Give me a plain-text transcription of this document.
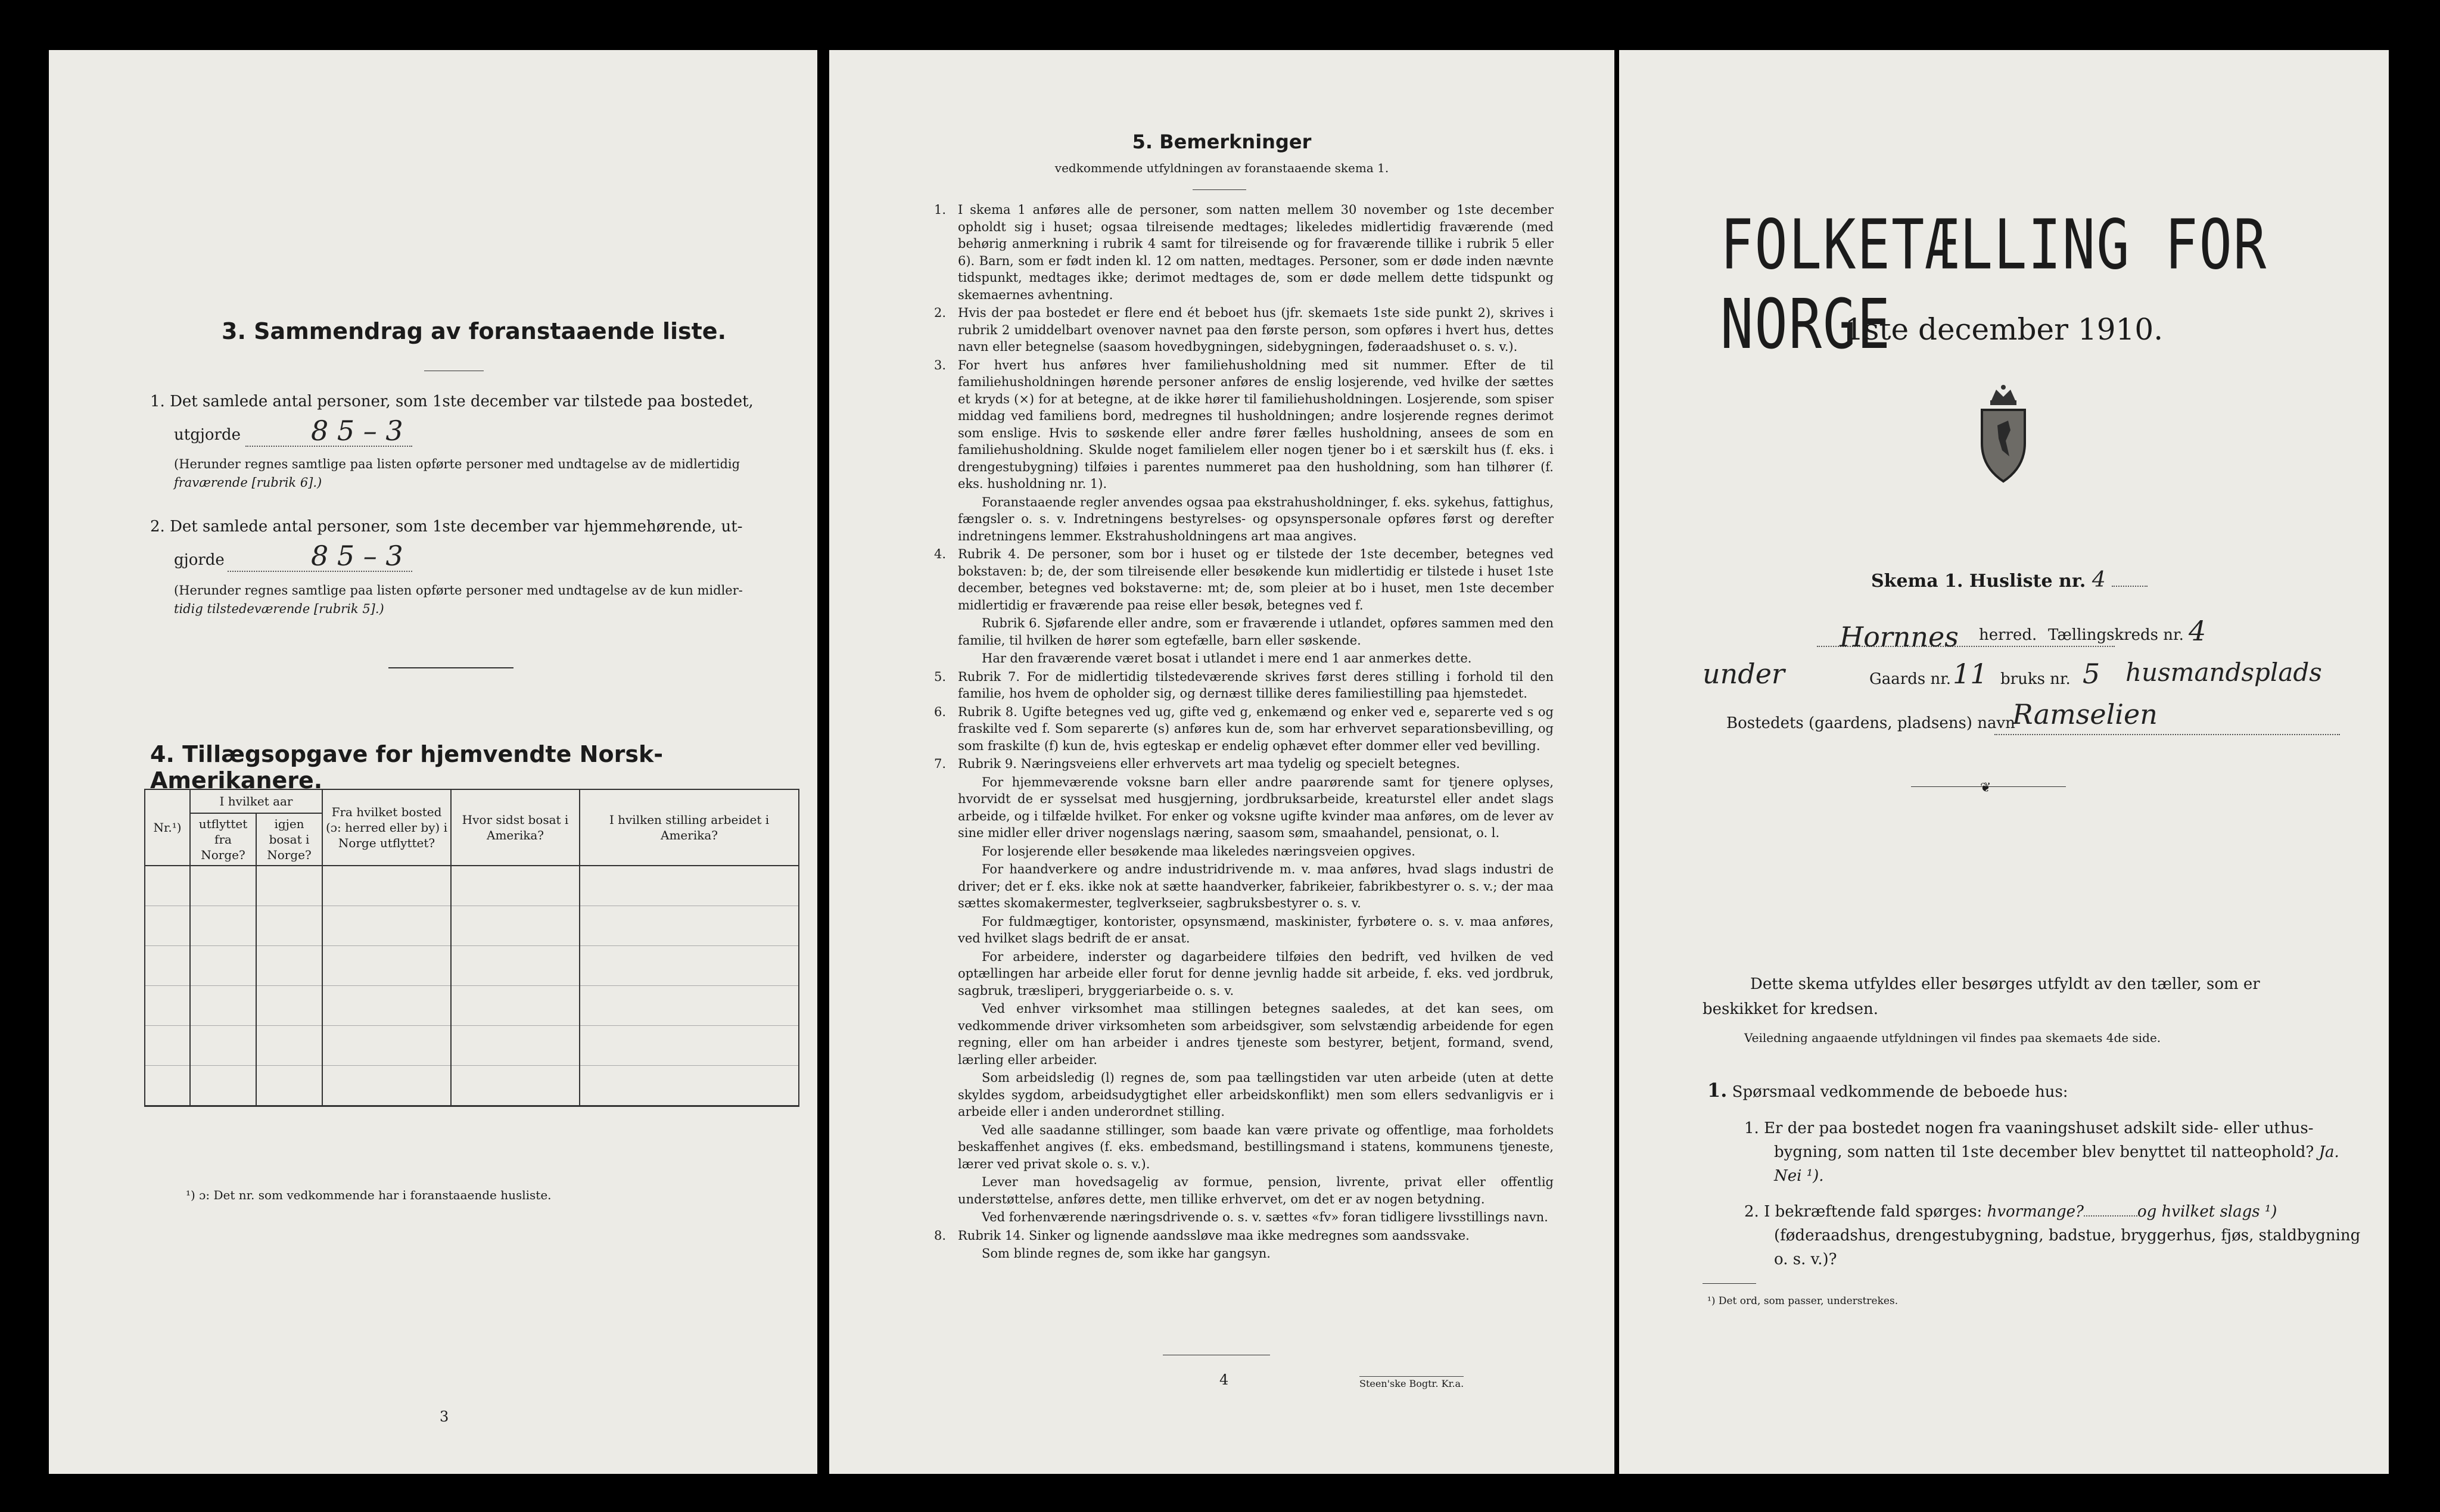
3. Sammendrag av foranstaaende liste.
1. Det samlede antal personer, som 1ste december var tilstede paa bostedet,
utgjorde	8 5 – 3
(Herunder regnes samtlige paa listen opførte personer med undtagelse av de midlertidig
fraværende [rubrik 6].)
2. Det samlede antal personer, som 1ste december var hjemmehørende, ut-
gjorde	8 5 – 3
(Herunder regnes samtlige paa listen opførte personer med undtagelse av de kun midler-
tidig tilstedeværende [rubrik 5].)
4. Tillægsopgave for hjemvendte Norsk-Amerikanere.
Nr.¹)	I hvilket aar		Fra hvilket bosted (ɔ: herred eller by) i Norge utflyttet?	Hvor sidst bosat i Amerika?	I hvilken stilling arbeidet i Amerika?
	utflyttet fra Norge?	igjen bosat i Norge?			

¹) ɔ: Det nr. som vedkommende har i foranstaaende husliste.
3
5. Bemerkninger
vedkommende utfyldningen av foranstaaende skema 1.

1. I skema 1 anføres alle de personer, som natten mellem 30 november og 1ste december opholdt sig i huset; ogsaa tilreisende medtages; likeledes midlertidig fraværende (med behørig anmerkning i rubrik 4 samt for tilreisende og for fraværende tillike i rubrik 5 eller 6). Barn, som er født inden kl. 12 om natten, medtages. Personer, som er døde inden nævnte tidspunkt, medtages ikke; derimot medtages de, som er døde mellem dette tidspunkt og skemaernes avhentning.

2. Hvis der paa bostedet er flere end ét beboet hus (jfr. skemaets 1ste side punkt 2), skrives i rubrik 2 umiddelbart ovenover navnet paa den første person, som opføres i hvert hus, dettes navn eller betegnelse (saasom hovedbygningen, sidebygningen, føderaadshuset o. s. v.).

3. For hvert hus anføres hver familiehusholdning med sit nummer. Efter de til familiehusholdningen hørende personer anføres de enslig losjerende, ved hvilke der sættes et kryds (×) for at betegne, at de ikke hører til familiehusholdningen. Losjerende, som spiser middag ved familiens bord, medregnes til husholdningen; andre losjerende regnes derimot som enslige. Hvis to søskende eller andre fører fælles husholdning, ansees de som en familiehusholdning. Skulde noget familielem eller nogen tjener bo i et særskilt hus (f. eks. i drengestubygning) tilføies i parentes nummeret paa den husholdning, som han tilhører (f. eks. husholdning nr. 1).

Foranstaaende regler anvendes ogsaa paa ekstrahusholdninger, f. eks. sykehus, fattighus, fængsler o. s. v. Indretningens bestyrelses- og opsynspersonale opføres først og derefter indretningens lemmer. Ekstrahusholdningens art maa angives.

4. Rubrik 4. De personer, som bor i huset og er tilstede der 1ste december, betegnes ved bokstaven: b; de, der som tilreisende eller besøkende kun midlertidig er tilstede i huset 1ste december, betegnes ved bokstaverne: mt; de, som pleier at bo i huset, men 1ste december midlertidig er fraværende paa reise eller besøk, betegnes ved f.

Rubrik 6. Sjøfarende eller andre, som er fraværende i utlandet, opføres sammen med den familie, til hvilken de hører som egtefælle, barn eller søskende.

Har den fraværende været bosat i utlandet i mere end 1 aar anmerkes dette.

5. Rubrik 7. For de midlertidig tilstedeværende skrives først deres stilling i forhold til den familie, hos hvem de opholder sig, og dernæst tillike deres familiestilling paa hjemstedet.

6. Rubrik 8. Ugifte betegnes ved ug, gifte ved g, enkemænd og enker ved e, separerte ved s og fraskilte ved f. Som separerte (s) anføres kun de, som har erhvervet separationsbevilling, og som fraskilte (f) kun de, hvis egteskap er endelig ophævet efter dommer eller ved bevilling.

7. Rubrik 9. Næringsveiens eller erhvervets art maa tydelig og specielt betegnes.

For hjemmeværende voksne barn eller andre paarørende samt for tjenere oplyses, hvorvidt de er sysselsat med husgjerning, jordbruksarbeide, kreaturstel eller andet slags arbeide, og i tilfælde hvilket. For enker og voksne ugifte kvinder maa anføres, om de lever av sine midler eller driver nogenslags næring, saasom søm, smaahandel, pensionat, o. l.

For losjerende eller besøkende maa likeledes næringsveien opgives.

For haandverkere og andre industridrivende m. v. maa anføres, hvad slags industri de driver; det er f. eks. ikke nok at sætte haandverker, fabrikeier, fabrikbestyrer o. s. v.; der maa sættes skomakermester, teglverkseier, sagbruksbestyrer o. s. v.

For fuldmægtiger, kontorister, opsynsmænd, maskinister, fyrbøtere o. s. v. maa anføres, ved hvilket slags bedrift de er ansat.

For arbeidere, inderster og dagarbeidere tilføies den bedrift, ved hvilken de ved optællingen har arbeide eller forut for denne jevnlig hadde sit arbeide, f. eks. ved jordbruk, sagbruk, træsliperi, bryggeriarbeide o. s. v.

Ved enhver virksomhet maa stillingen betegnes saaledes, at det kan sees, om vedkommende driver virksomheten som arbeidsgiver, som selvstændig arbeidende for egen regning, eller om han arbeider i andres tjeneste som bestyrer, betjent, formand, svend, lærling eller arbeider.

Som arbeidsledig (l) regnes de, som paa tællingstiden var uten arbeide (uten at dette skyldes sygdom, arbeidsudygtighet eller arbeidskonflikt) men som ellers sedvanligvis er i arbeide eller i anden underordnet stilling.

Ved alle saadanne stillinger, som baade kan være private og offentlige, maa forholdets beskaffenhet angives (f. eks. embedsmand, bestillingsmand i statens, kommunens tjeneste, lærer ved privat skole o. s. v.).

Lever man hovedsagelig av formue, pension, livrente, privat eller offentlig understøttelse, anføres dette, men tillike erhvervet, om det er av nogen betydning.

Ved forhenværende næringsdrivende o. s. v. sættes «fv» foran tidligere livsstillings navn.

8. Rubrik 14. Sinker og lignende aandssløve maa ikke medregnes som aandssvake.

Som blinde regnes de, som ikke har gangsyn.

4	Steen'ske Bogtr. Kr.a.
FOLKETÆLLING FOR NORGE
1ste december 1910.
Skema 1. Husliste nr. 4
Hornnes herred. Tællingskreds nr. 4
under	Gaards nr. 11 bruks nr. 5 husmandsplads
Bostedets (gaardens, pladsens) navn
Ramselien
❦
Dette skema utfyldes eller besørges utfyldt av den tæller, som er
beskikket for kredsen.
Veiledning angaaende utfyldningen vil findes paa skemaets 4de side.
1. Spørsmaal vedkommende de beboede hus:
1. Er der paa bostedet nogen fra vaaningshuset adskilt side- eller uthus-bygning, som natten til 1ste december blev benyttet til natteophold? Ja. Nei ¹).
2. I bekræftende fald spørges: hvormange?	og hvilket slags ¹) (føderaadshus, drengestubygning, badstue, bryggerhus, fjøs, staldbygning o. s. v.)?
¹) Det ord, som passer, understrekes.
